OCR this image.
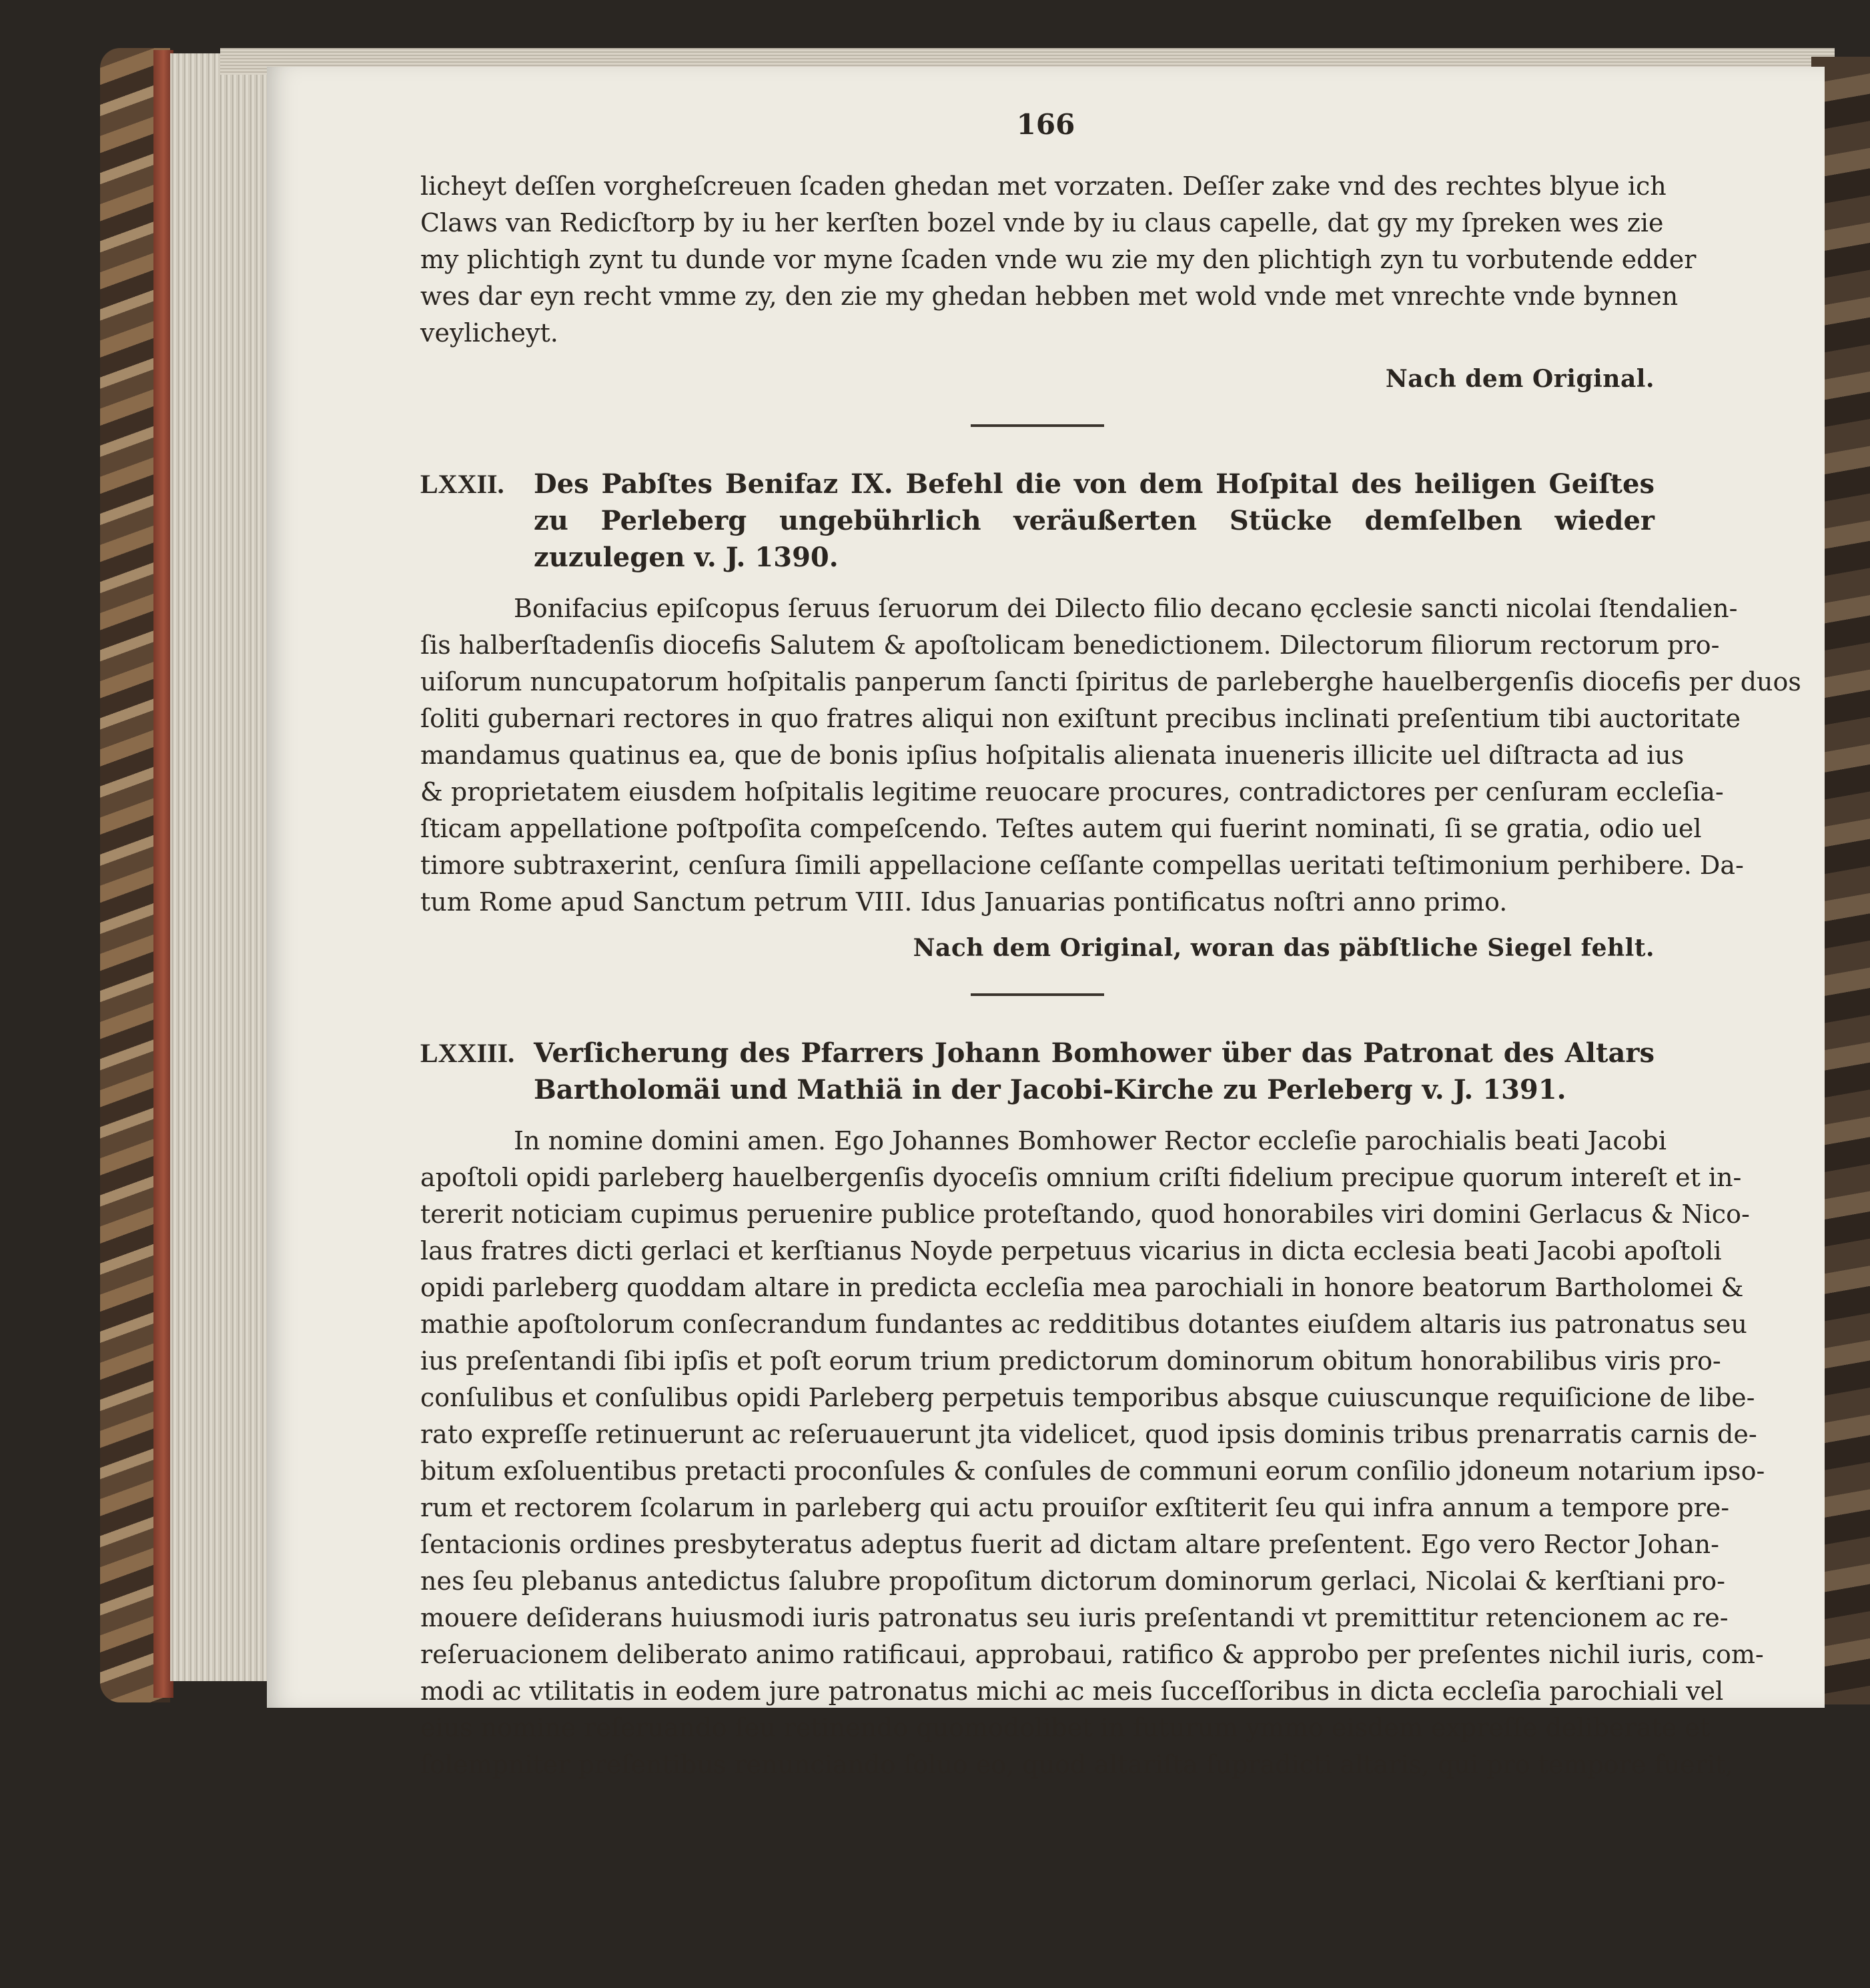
166

licheyt deſſen vorgheſcreuen ſcaden ghedan met vorzaten. Deſſer zake vnd des rechtes blyue ich
Claws van Redicſtorp by iu her kerſten bozel vnde by iu claus capelle, dat gy my ſpreken wes zie
my plichtigh zynt tu dunde vor myne ſcaden vnde wu zie my den plichtigh zyn tu vorbutende edder
wes dar eyn recht vmme zy, den zie my ghedan hebben met wold vnde met vnrechte vnde bynnen
veylicheyt.

Nach dem Original.
LXXII.	Des Pabſtes Benifaz IX. Befehl die von dem Hoſpital des heiligen Geiſtes zu Perleberg ungebührlich veräußerten Stücke demſelben wieder zuzulegen v. J. 1390.

Bonifacius epiſcopus ſeruus ſeruorum dei Dilecto filio decano ęcclesie sancti nicolai ſtendalien-
ſis halberſtadenſis diocefis Salutem & apoſtolicam benedictionem. Dilectorum filiorum rectorum pro-
uiſorum nuncupatorum hoſpitalis panperum ſancti ſpiritus de parleberghe hauelbergenſis diocefis per duos
ſoliti gubernari rectores in quo fratres aliqui non exiſtunt precibus inclinati preſentium tibi auctoritate
mandamus quatinus ea, que de bonis ipſius hoſpitalis alienata inueneris illicite uel diſtracta ad ius
& proprietatem eiusdem hoſpitalis legitime reuocare procures, contradictores per cenſuram eccleſia-
ſticam appellatione poſtpoſita compeſcendo. Teſtes autem qui fuerint nominati, ſi se gratia, odio uel
timore subtraxerint, cenſura ſimili appellacione ceſſante compellas ueritati teſtimonium perhibere. Da-
tum Rome apud Sanctum petrum VIII. Idus Januarias pontificatus noſtri anno primo.

Nach dem Original, woran das päbſtliche Siegel fehlt.
LXXIII. Verſicherung des Pfarrers Johann Bomhower über das Patronat des Altars Bartholomäi und Mathiä in der Jacobi-Kirche zu Perleberg v. J. 1391.

In nomine domini amen. Ego Johannes Bomhower Rector eccleſie parochialis beati Jacobi
apoſtoli opidi parleberg hauelbergenſis dyoceſis omnium criſti fidelium precipue quorum intereſt et in-
tererit noticiam cupimus peruenire publice proteſtando, quod honorabiles viri domini Gerlacus & Nico-
laus fratres dicti gerlaci et kerſtianus Noyde perpetuus vicarius in dicta ecclesia beati Jacobi apoſtoli
opidi parleberg quoddam altare in predicta eccleſia mea parochiali in honore beatorum Bartholomei &
mathie apoſtolorum conſecrandum fundantes ac redditibus dotantes eiuſdem altaris ius patronatus seu
ius preſentandi ſibi ipſis et poſt eorum trium predictorum dominorum obitum honorabilibus viris pro-
conſulibus et conſulibus opidi Parleberg perpetuis temporibus absque cuiuscunque requiſicione de libe-
rato expreſſe retinuerunt ac reſeruauerunt jta videlicet, quod ipsis dominis tribus prenarratis carnis de-
bitum exſoluentibus pretacti proconſules & conſules de communi eorum conſilio jdoneum notarium ipso-
rum et rectorem ſcolarum in parleberg qui actu prouiſor exſtiterit ſeu qui infra annum a tempore pre-
ſentacionis ordines presbyteratus adeptus fuerit ad dictam altare preſentent. Ego vero Rector Johan-
nes ſeu plebanus antedictus ſalubre propoſitum dictorum dominorum gerlaci, Nicolai & kerſtiani pro-
mouere deſiderans huiusmodi iuris patronatus seu iuris preſentandi vt premittitur retencionem ac re-
reſeruacionem deliberato animo ratificaui, approbaui, ratifico & approbo per preſentes nichil iuris, com-
modi ac vtilitatis in eodem jure patronatus michi ac meis ſucceſſoribus in dicta eccleſia parochiali vel
eius nomine reſeruando ſeu retinendo quomodolibet in futurum ymmo eisdem expreſſe deliberate et
ſolempniter preſentibus renunciando ſoluo eo, quod altariſta ſupradicti altaris, qui pro tempore fuerit,
